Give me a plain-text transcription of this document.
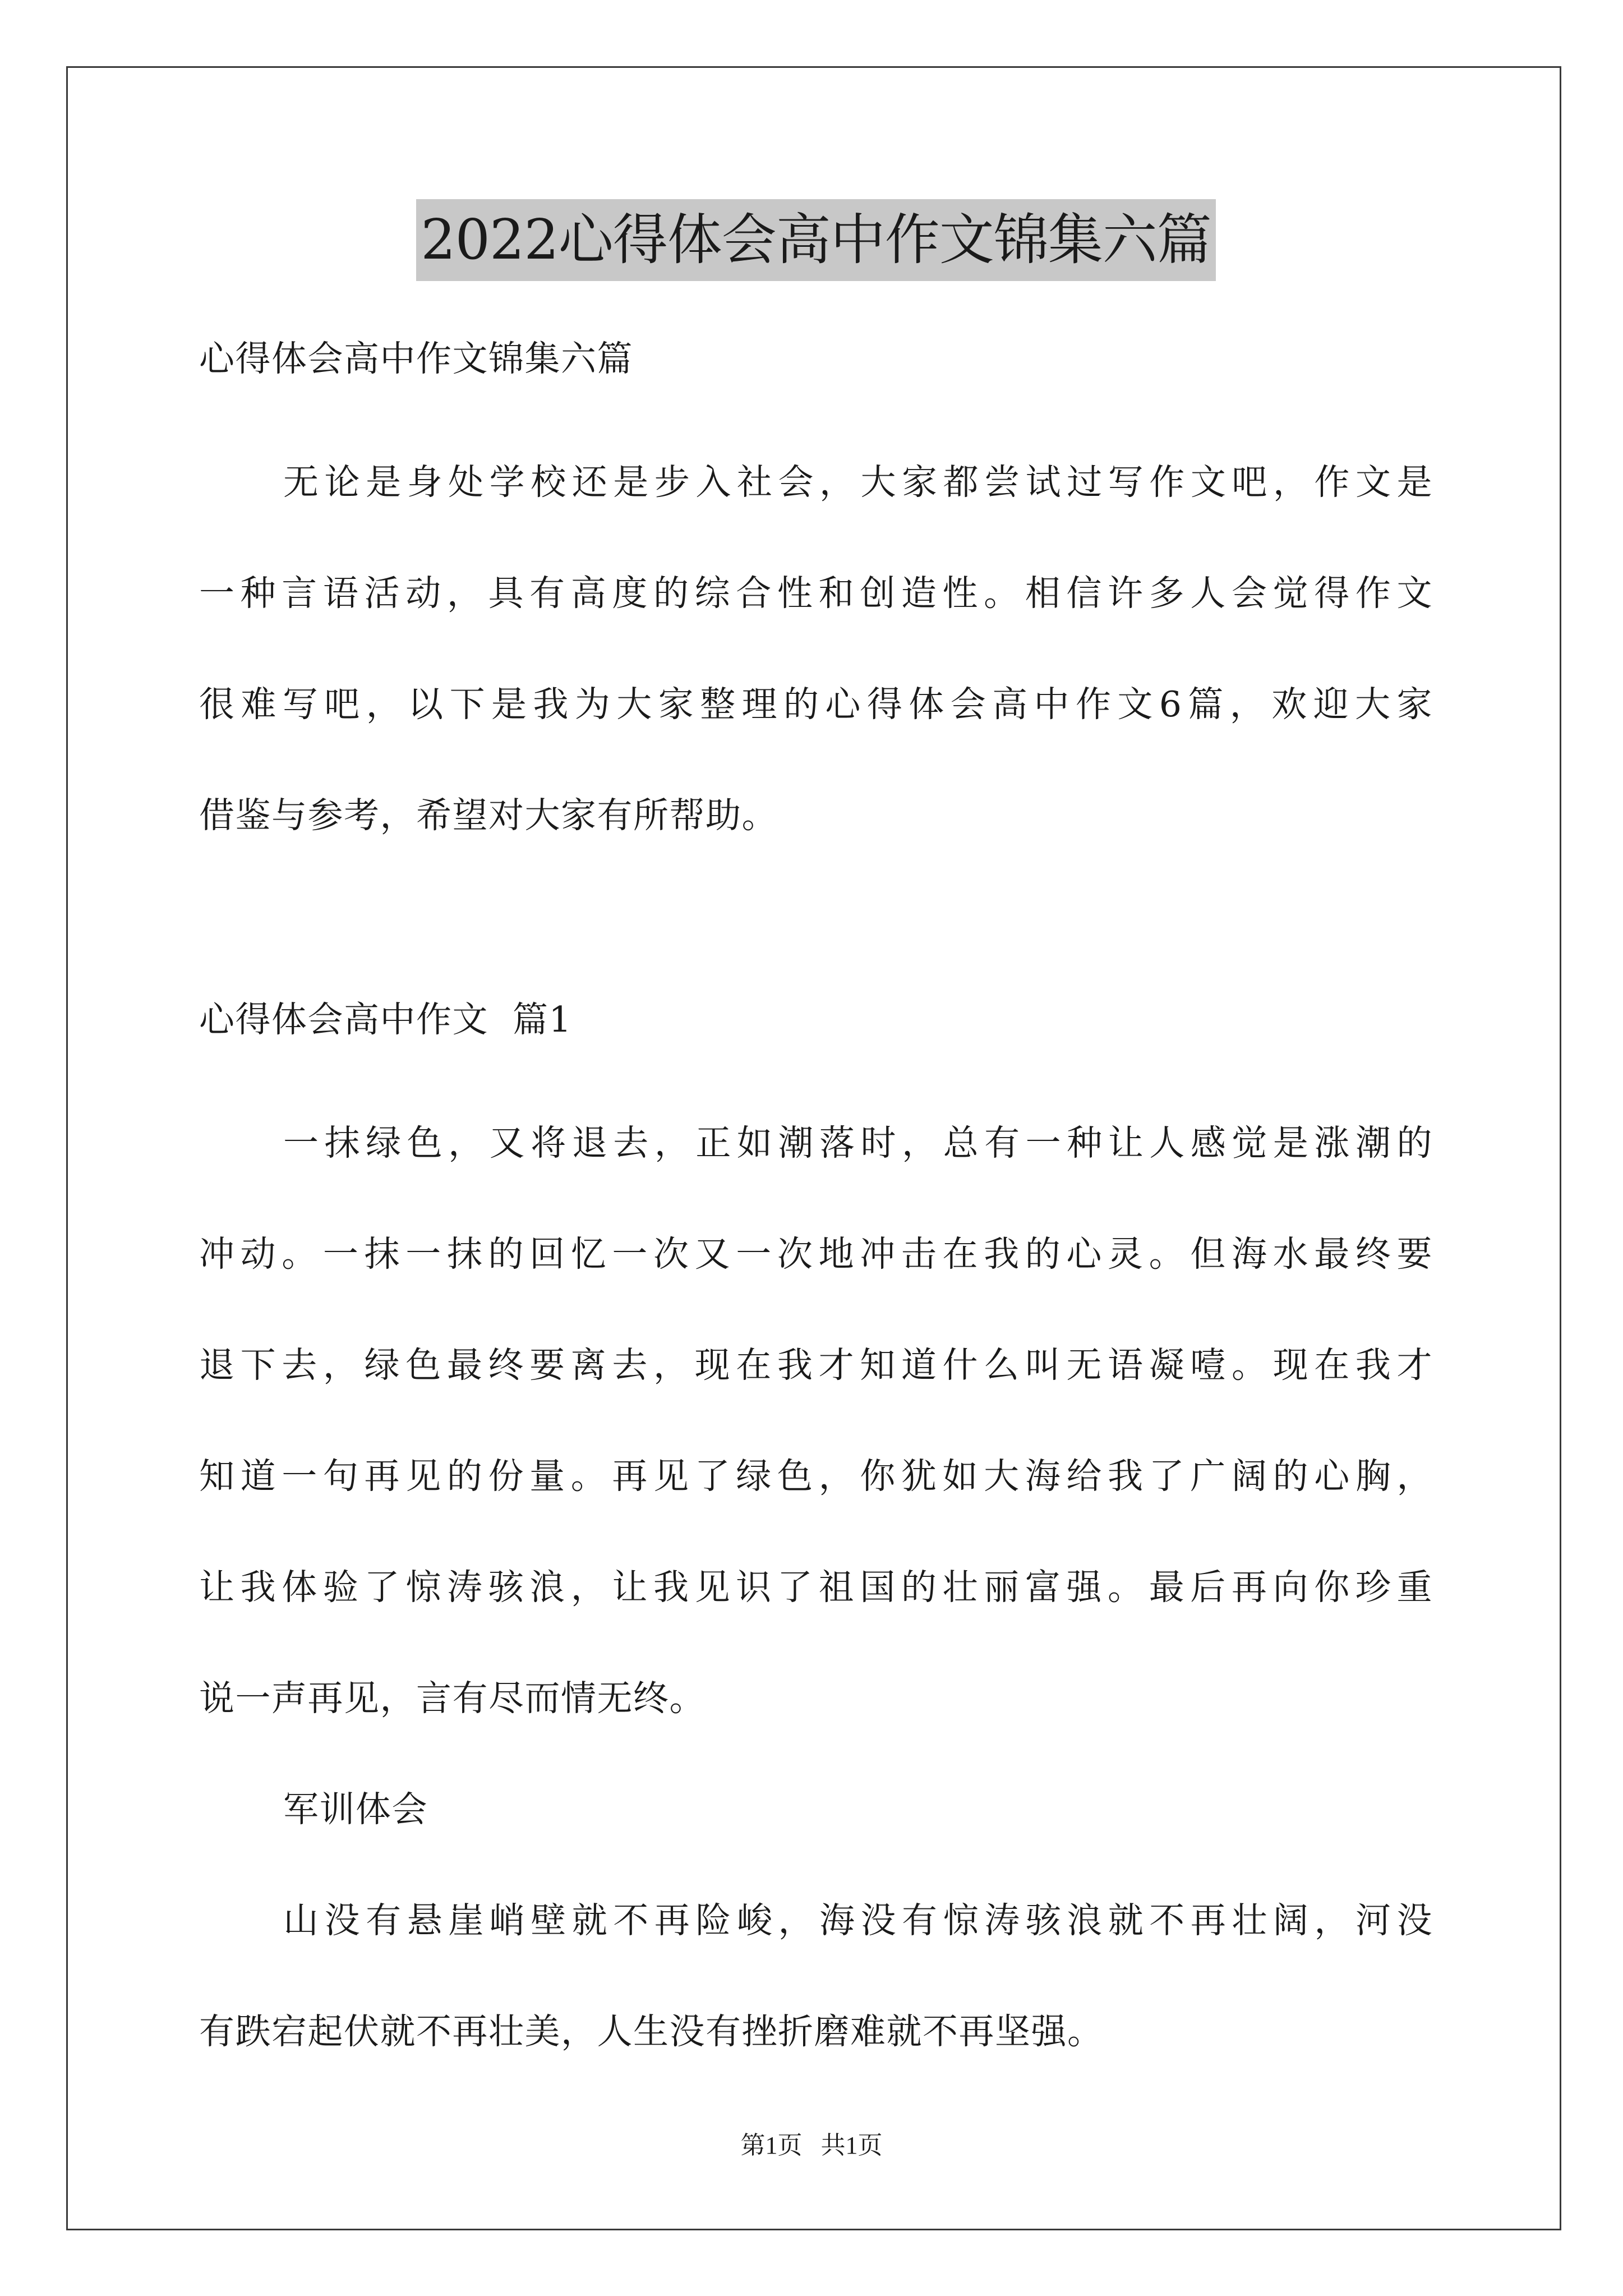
2022心得体会高中作文锦集六篇

心得体会高中作文锦集六篇

无论是身处学校还是步入社会，大家都尝试过写作文吧，作文是

一种言语活动，具有高度的综合性和创造性。相信许多人会觉得作文

很难写吧，以下是我为大家整理的心得体会高中作文6篇，欢迎大家

借鉴与参考，希望对大家有所帮助。

心得体会高中作文  篇1

一抹绿色，又将退去，正如潮落时，总有一种让人感觉是涨潮的

冲动。一抹一抹的回忆一次又一次地冲击在我的心灵。但海水最终要

退下去，绿色最终要离去，现在我才知道什么叫无语凝噎。现在我才

知道一句再见的份量。再见了绿色，你犹如大海给我了广阔的心胸，

让我体验了惊涛骇浪，让我见识了祖国的壮丽富强。最后再向你珍重

说一声再见，言有尽而情无终。

军训体会

山没有悬崖峭壁就不再险峻，海没有惊涛骇浪就不再壮阔，河没

有跌宕起伏就不再壮美，人生没有挫折磨难就不再坚强。

第1页   共1页
